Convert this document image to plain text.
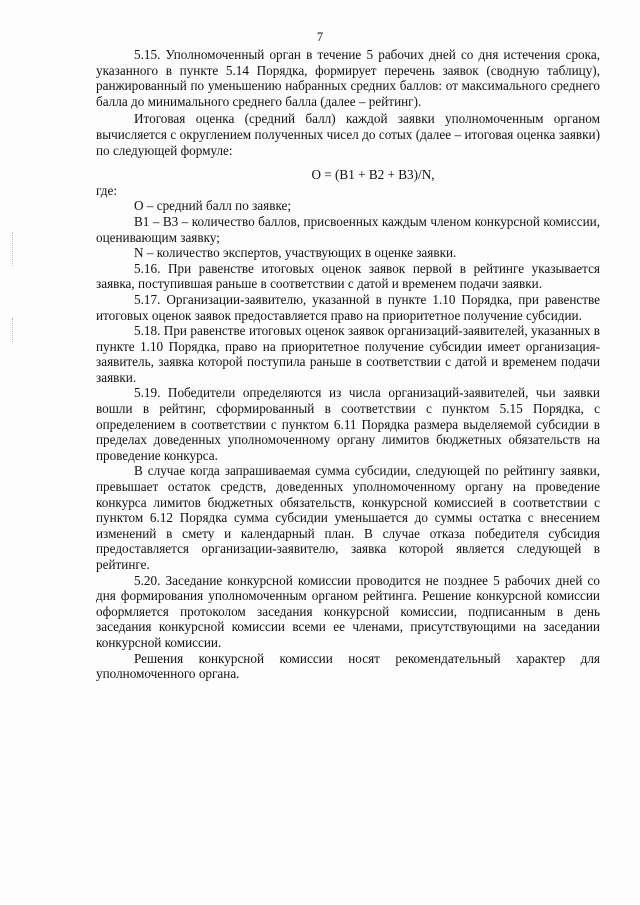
7

5.15. Уполномоченный орган в течение 5 рабочих дней со дня истечения срока, указанного в пункте 5.14 Порядка, формирует перечень заявок (сводную таблицу), ранжированный по уменьшению набранных средних баллов: от максимального среднего балла до минимального среднего балла (далее – рейтинг).

Итоговая оценка (средний балл) каждой заявки уполномоченным органом вычисляется с округлением полученных чисел до сотых (далее – итоговая оценка заявки) по следующей формуле:

О = (В1 + В2 + В3)/N,

где:

О – средний балл по заявке;

В1 – В3 – количество баллов, присвоенных каждым членом конкурсной комиссии, оценивающим заявку;

N – количество экспертов, участвующих в оценке заявки.

5.16. При равенстве итоговых оценок заявок первой в рейтинге указывается заявка, поступившая раньше в соответствии с датой и временем подачи заявки.

5.17. Организации-заявителю, указанной в пункте 1.10 Порядка, при равенстве итоговых оценок заявок предоставляется право на приоритетное получение субсидии.

5.18. При равенстве итоговых оценок заявок организаций-заявителей, указанных в пункте 1.10 Порядка, право на приоритетное получение субсидии имеет организация-заявитель, заявка которой поступила раньше в соответствии с датой и временем подачи заявки.

5.19. Победители определяются из числа организаций-заявителей, чьи заявки вошли в рейтинг, сформированный в соответствии с пунктом 5.15 Порядка, с определением в соответствии с пунктом 6.11 Порядка размера выделяемой субсидии в пределах доведенных уполномоченному органу лимитов бюджетных обязательств на проведение конкурса.

В случае когда запрашиваемая сумма субсидии, следующей по рейтингу заявки, превышает остаток средств, доведенных уполномоченному органу на проведение конкурса лимитов бюджетных обязательств, конкурсной комиссией в соответствии с пунктом 6.12 Порядка сумма субсидии уменьшается до суммы остатка с внесением изменений в смету и календарный план. В случае отказа победителя субсидия предоставляется организации-заявителю, заявка которой является следующей в рейтинге.

5.20. Заседание конкурсной комиссии проводится не позднее 5 рабочих дней со дня формирования уполномоченным органом рейтинга. Решение конкурсной комиссии оформляется протоколом заседания конкурсной комиссии, подписанным в день заседания конкурсной комиссии всеми ее членами, присутствующими на заседании конкурсной комиссии.

Решения конкурсной комиссии носят рекомендательный характер для уполномоченного органа.
